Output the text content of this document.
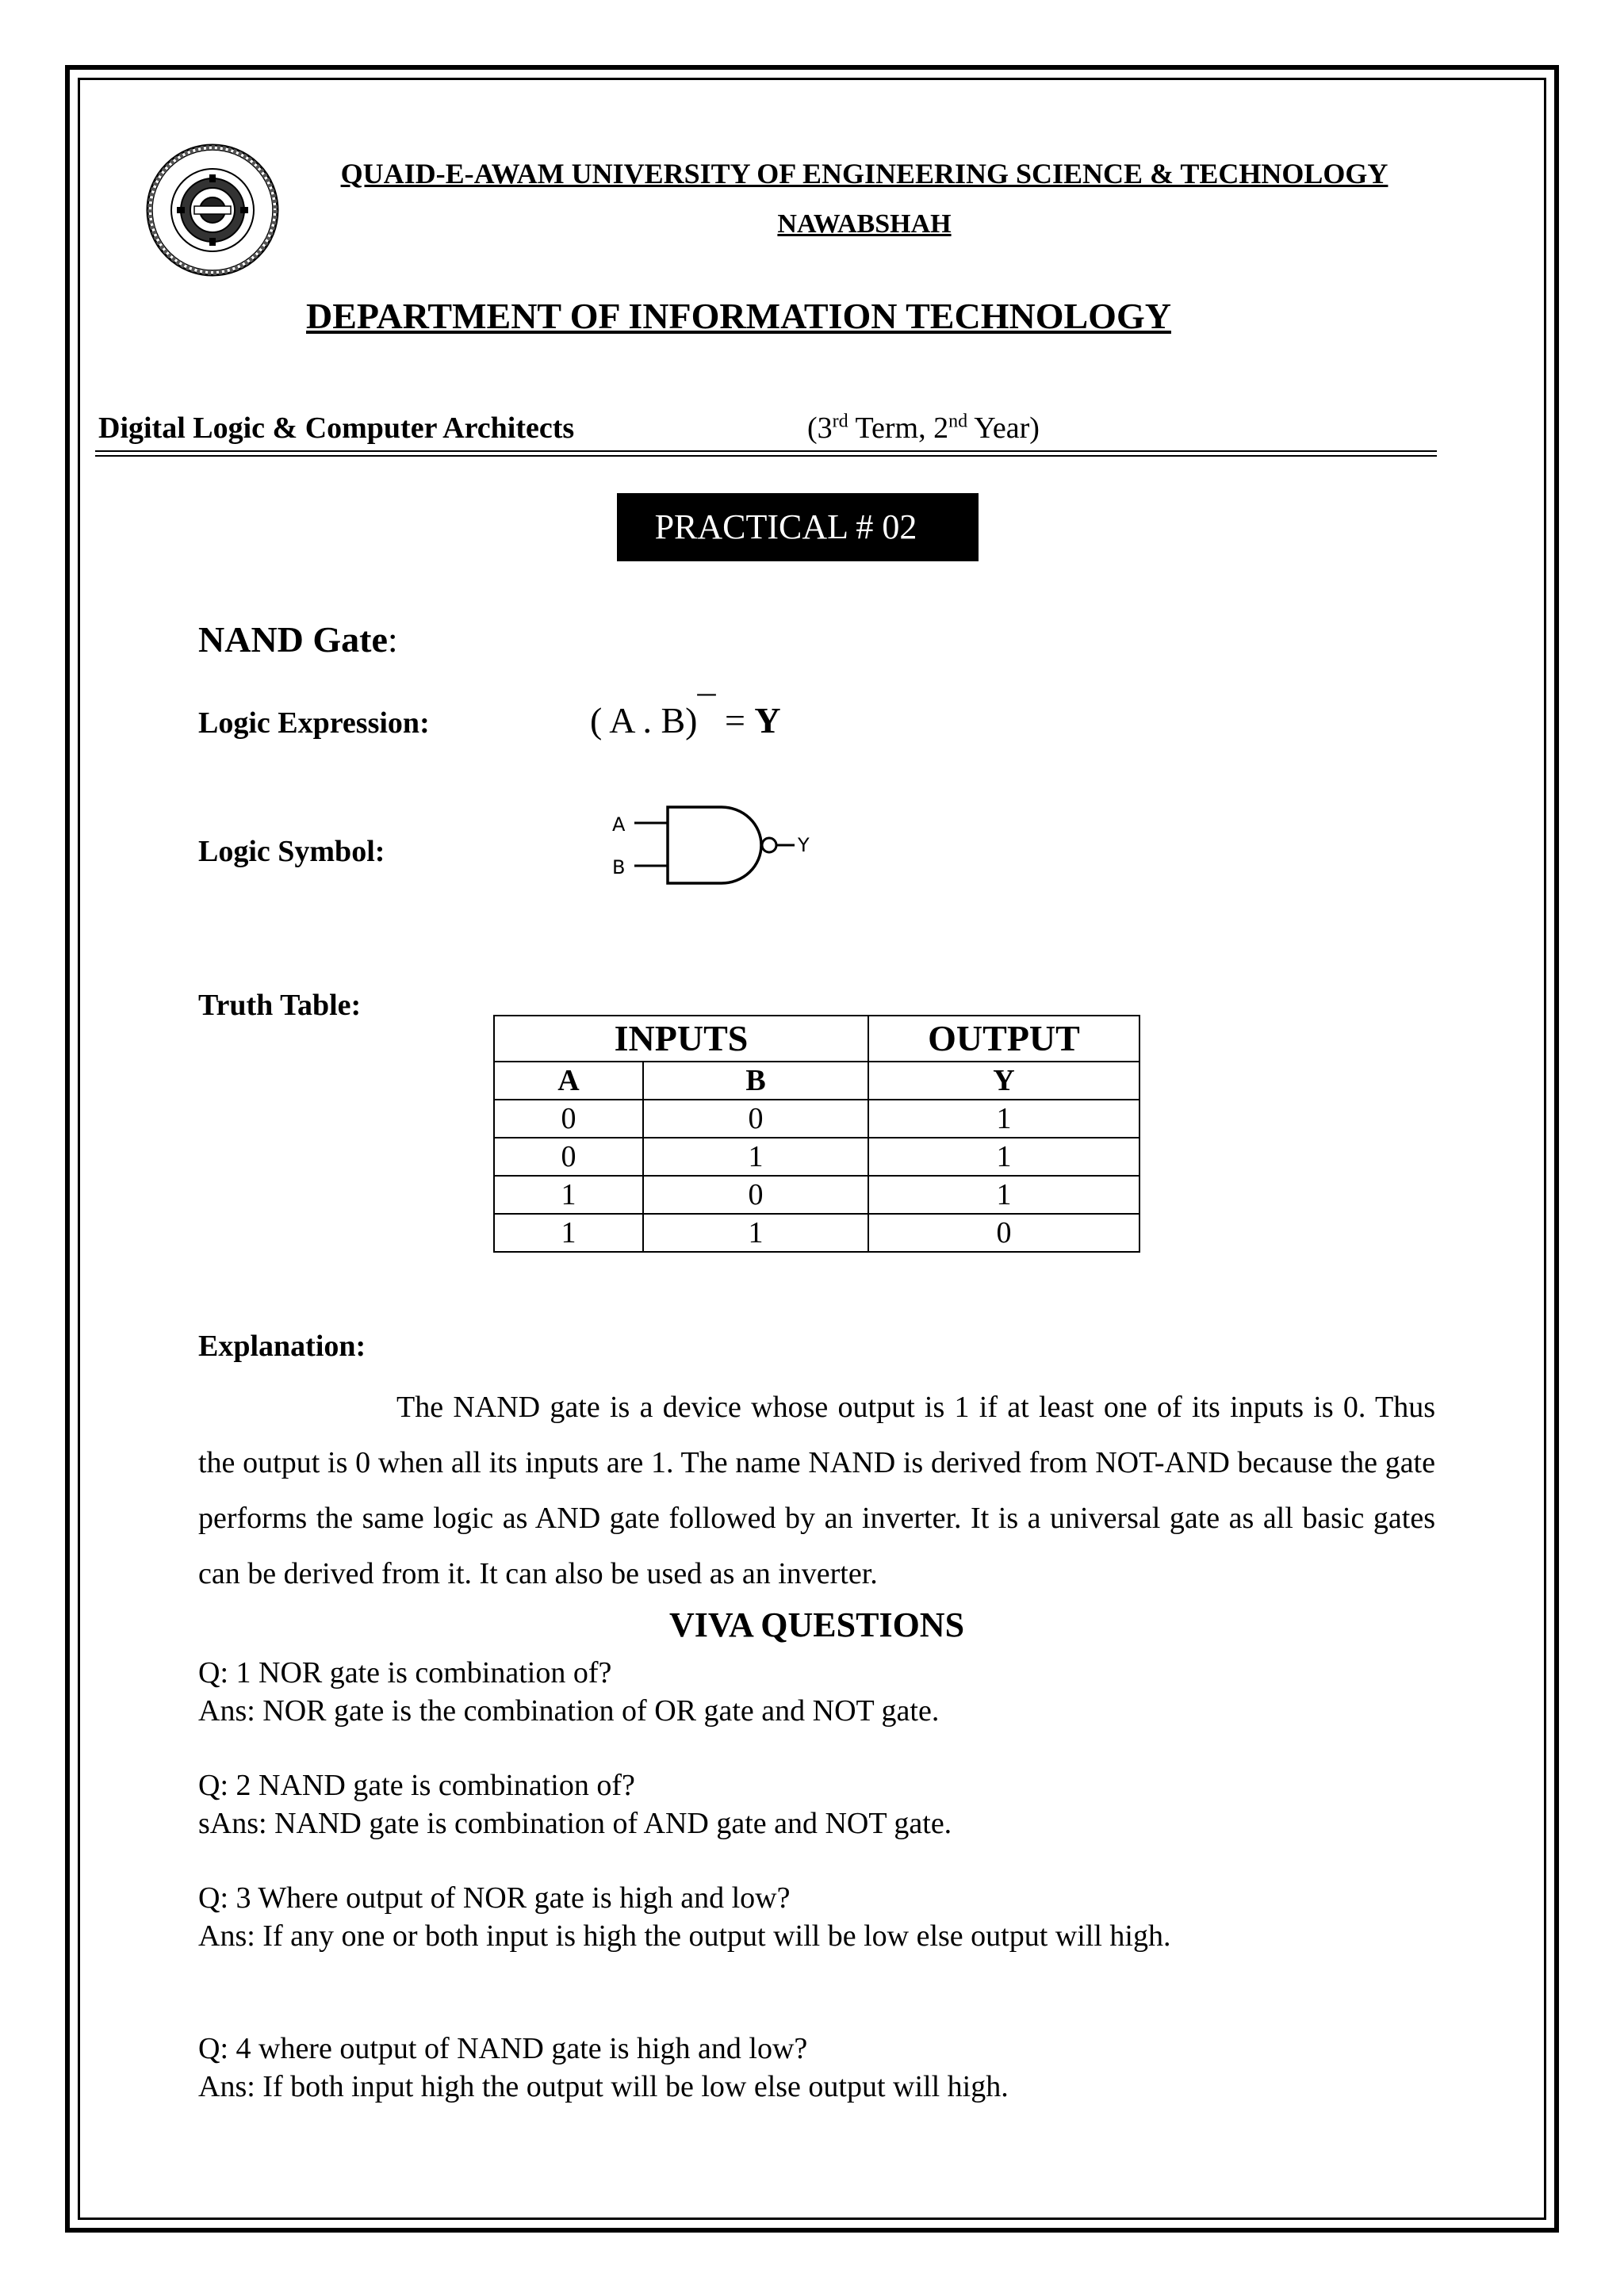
QUAID-E-AWAM UNIVERSITY OF ENGINEERING SCIENCE & TECHNOLOGY
NAWABSHAH
DEPARTMENT OF INFORMATION TECHNOLOGY
Digital Logic & Computer Architects	(3rd Term, 2nd Year)
PRACTICAL # 02
NAND Gate:
Logic Expression:	( A . B)¯ = Y
Logic Symbol:
A
B
Y
Truth Table:
INPUTS		OUTPUT
A	B	Y
0	0	1
0	1	1
1	0	1
1	1	0
Explanation:
The NAND gate is a device whose output is 1 if at least one of its inputs is 0. Thus the output is 0 when all its inputs are 1. The name NAND is derived from NOT-AND because the gate performs the same logic as AND gate followed by an inverter. It is a universal gate as all basic gates can be derived from it. It can also be used as an inverter.
VIVA QUESTIONS
Q: 1 NOR gate is combination of?
Ans: NOR gate is the combination of OR gate and NOT gate.
Q: 2 NAND gate is combination of?
sAns: NAND gate is combination of AND gate and NOT gate.
Q: 3 Where output of NOR gate is high and low?
Ans: If any one or both input is high the output will be low else output will high.
Q: 4 where output of NAND gate is high and low?
Ans: If both input high the output will be low else output will high.
